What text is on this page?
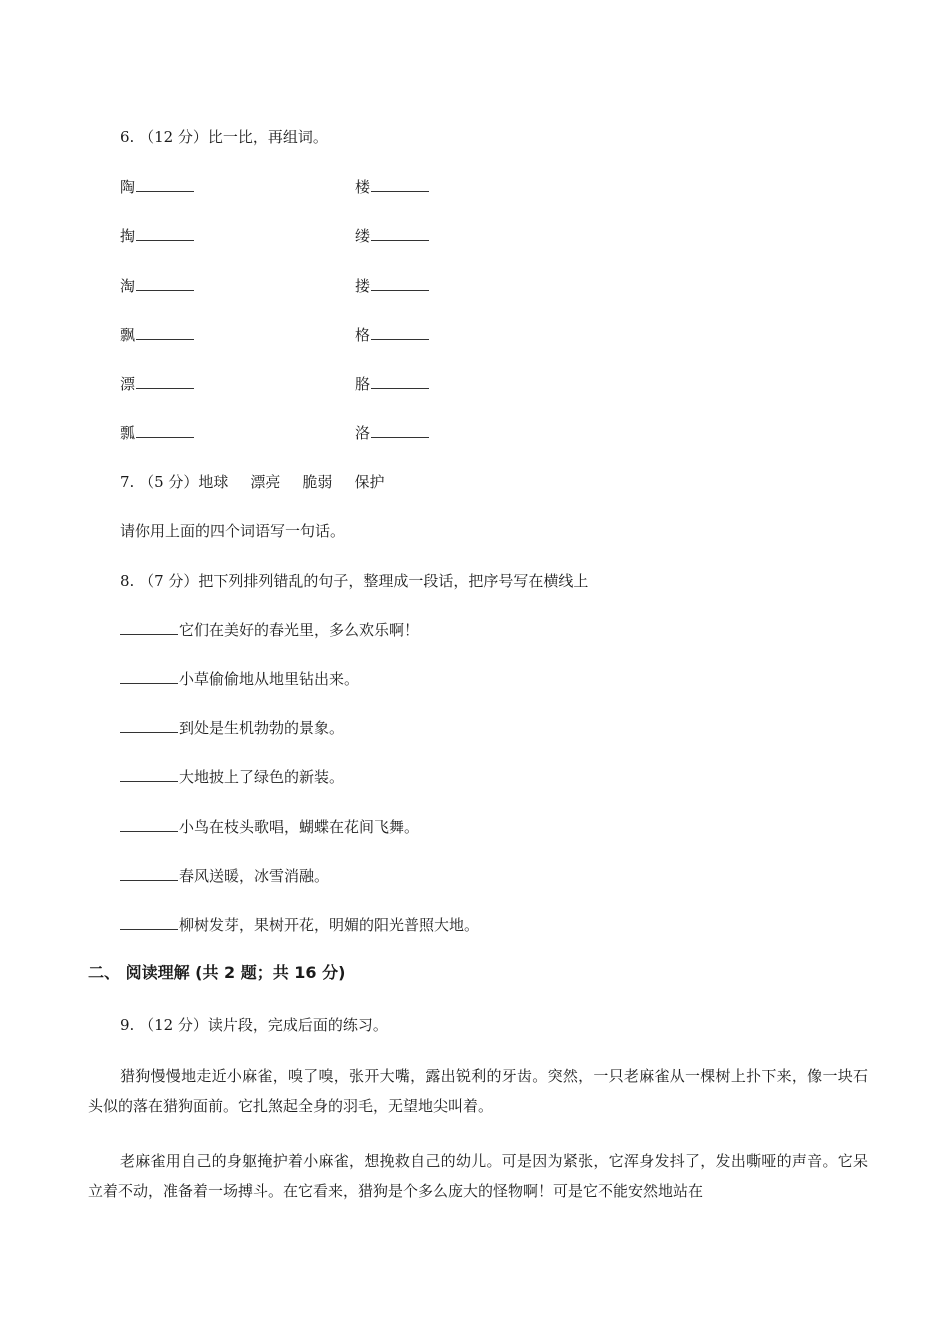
6. （12 分）比一比，再组词。
陶	楼
掏	缕
淘	搂
飘	格
漂	胳
瓢	洛
7. （5 分）地球 漂亮 脆弱 保护
请你用上面的四个词语写一句话。
8. （7 分）把下列排列错乱的句子，整理成一段话，把序号写在横线上
它们在美好的春光里，多么欢乐啊！
小草偷偷地从地里钻出来。
到处是生机勃勃的景象。
大地披上了绿色的新装。
小鸟在枝头歌唱，蝴蝶在花间飞舞。
春风送暖，冰雪消融。
柳树发芽，果树开花，明媚的阳光普照大地。
二、 阅读理解 (共 2 题；共 16 分)
9. （12 分）读片段，完成后面的练习。
猎狗慢慢地走近小麻雀，嗅了嗅，张开大嘴，露出锐利的牙齿。突然，一只老麻雀从一棵树上扑下来，像一块石头似的落在猎狗面前。它扎煞起全身的羽毛，无望地尖叫着。
老麻雀用自己的身躯掩护着小麻雀，想挽救自己的幼儿。可是因为紧张，它浑身发抖了，发出嘶哑的声音。它呆立着不动，准备着一场搏斗。在它看来，猎狗是个多么庞大的怪物啊！可是它不能安然地站在
